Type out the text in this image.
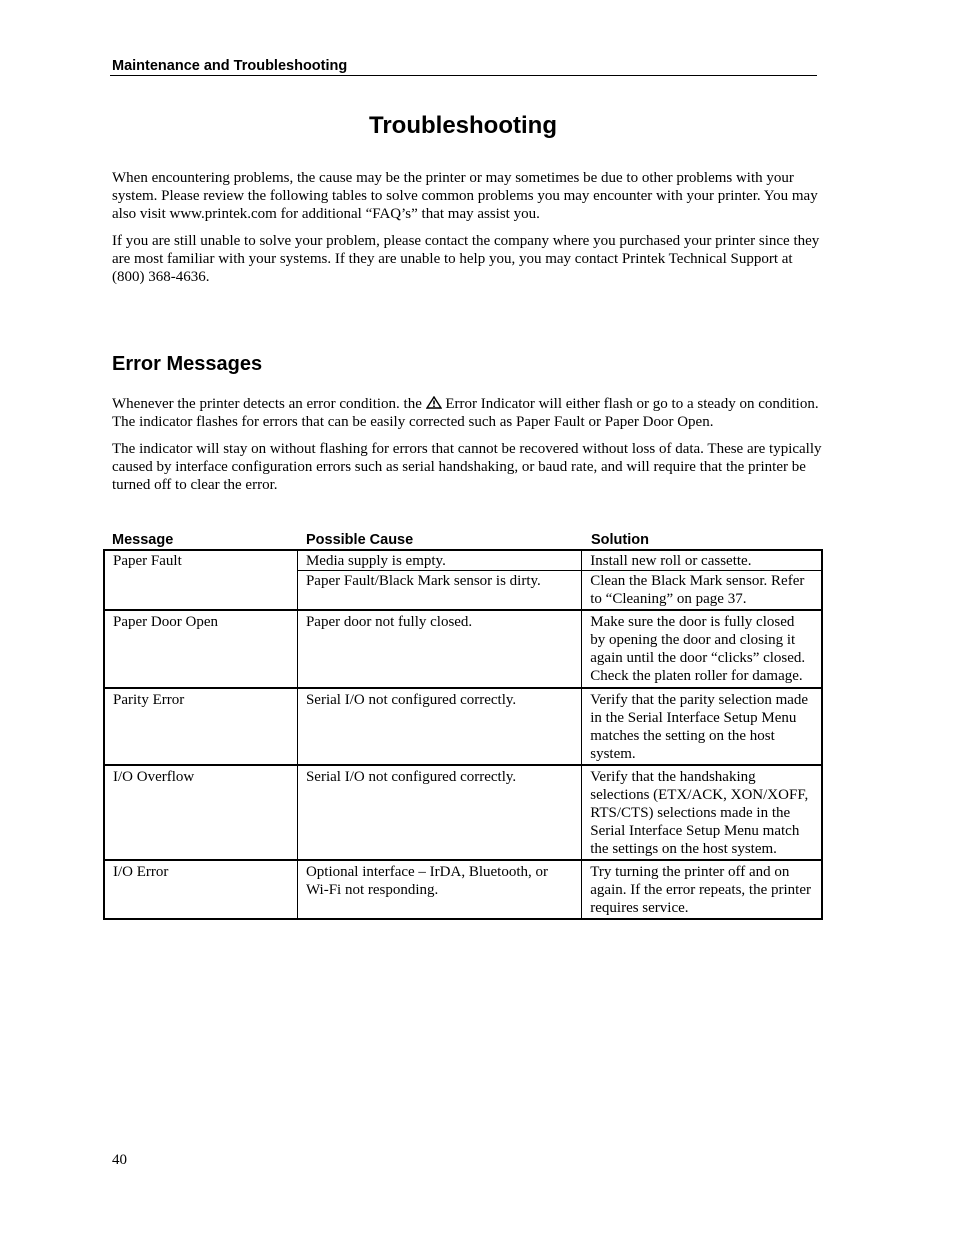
Maintenance and Troubleshooting
Troubleshooting

When encountering problems, the cause may be the printer or may sometimes be due to other problems with your system. Please review the following tables to solve common problems you may encounter with your printer. You may also visit www.printek.com for additional “FAQ’s” that may assist you.

If you are still unable to solve your problem, please contact the company where you purchased your printer since they are most familiar with your systems. If they are unable to help you, you may contact Printek Technical Support at (800) 368-4636.

Error Messages

Whenever the printer detects an error condition. the  Error Indicator will either flash or go to a steady on condition. The indicator flashes for errors that can be easily corrected such as Paper Fault or Paper Door Open.

The indicator will stay on without flashing for errors that cannot be recovered without loss of data. These are typically caused by interface configuration errors such as serial handshaking, or baud rate, and will require that the printer be turned off to clear the error.

Message	Possible Cause	Solution
Paper Fault	Media supply is empty.	Install new roll or cassette.
	Paper Fault/Black Mark sensor is dirty.	Clean the Black Mark sensor. Refer to “Cleaning” on page 37.
Paper Door Open	Paper door not fully closed.	Make sure the door is fully closed by opening the door and closing it again until the door “clicks” closed. Check the platen roller for damage.
Parity Error	Serial I/O not configured correctly.	Verify that the parity selection made in the Serial Interface Setup Menu matches the setting on the host system.
I/O Overflow	Serial I/O not configured correctly.	Verify that the handshaking selections (ETX/ACK, XON/XOFF, RTS/CTS) selections made in the Serial Interface Setup Menu match the settings on the host system.
I/O Error	Optional interface – IrDA, Bluetooth, or Wi-Fi not responding.	Try turning the printer off and on again. If the error repeats, the printer requires service.
40
